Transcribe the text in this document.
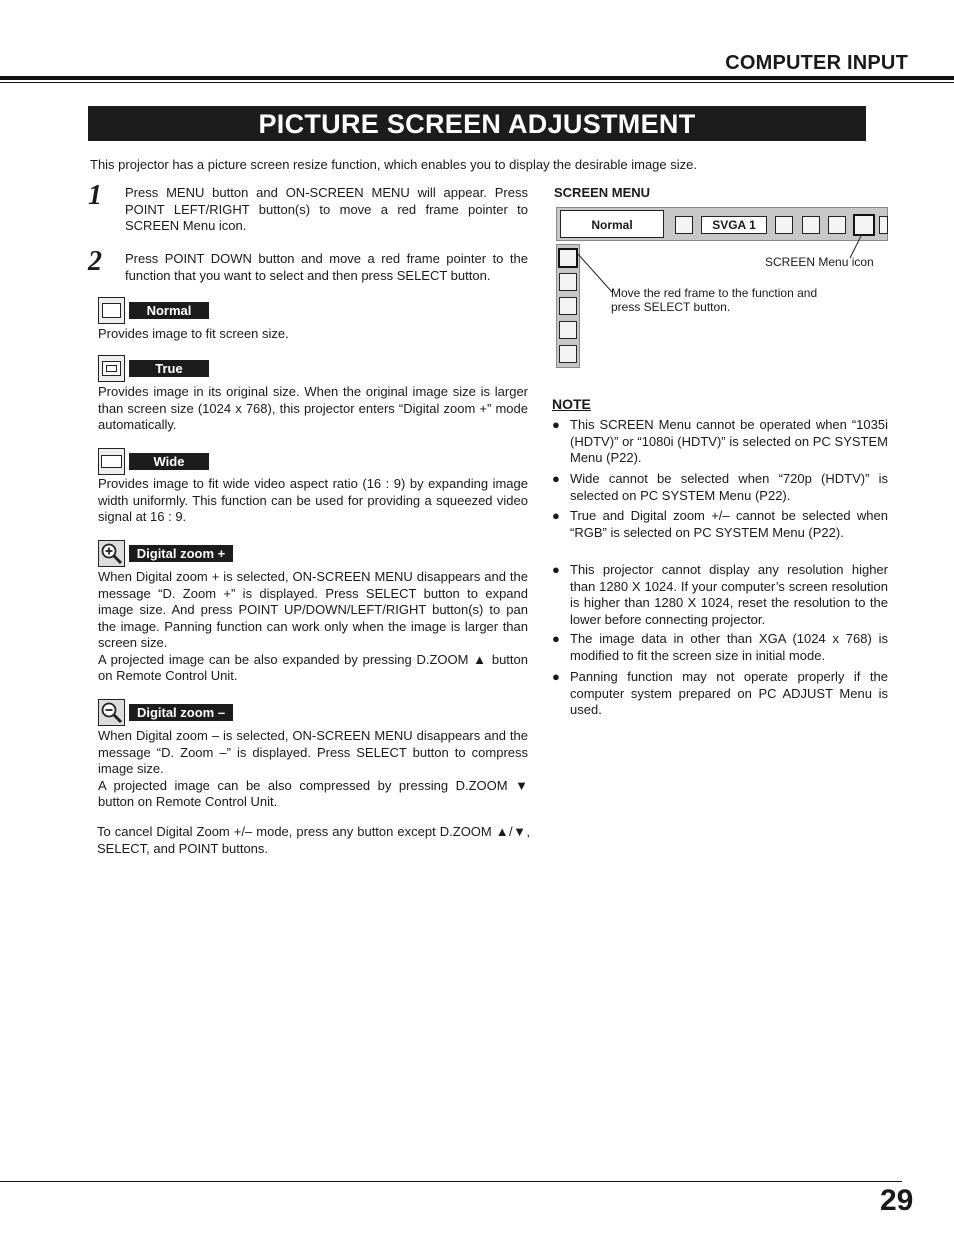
COMPUTER INPUT
PICTURE SCREEN ADJUSTMENT
This projector has a picture screen resize function, which enables you to display the desirable image size.
1 Press MENU button and ON-SCREEN MENU will appear. Press POINT LEFT/RIGHT button(s) to move a red frame pointer to SCREEN Menu icon.
2 Press POINT DOWN button and move a red frame pointer to the function that you want to select and then press SELECT button.
Normal
Provides image to fit screen size.
True
Provides image in its original size. When the original image size is larger than screen size (1024 x 768), this projector enters “Digital zoom +” mode automatically.
Wide
Provides image to fit wide video aspect ratio (16 : 9) by expanding image width uniformly. This function can be used for providing a squeezed video signal at 16 : 9.
Digital zoom +
When Digital zoom + is selected, ON-SCREEN MENU disappears and the message “D. Zoom +” is displayed. Press SELECT button to expand image size. And press POINT UP/DOWN/LEFT/RIGHT button(s) to pan the image. Panning function can work only when the image is larger than screen size.
A projected image can be also expanded by pressing D.ZOOM ▲ button on Remote Control Unit.
Digital zoom –
When Digital zoom – is selected, ON-SCREEN MENU disappears and the message “D. Zoom –” is displayed. Press SELECT button to compress image size.
A projected image can be also compressed by pressing D.ZOOM ▼ button on Remote Control Unit.
To cancel Digital Zoom +/– mode, press any button except D.ZOOM ▲/▼, SELECT, and POINT buttons.
SCREEN MENU
Normal	SVGA 1
SCREEN Menu icon
Move the red frame to the function and press SELECT button.
NOTE
● This SCREEN Menu cannot be operated when “1035i (HDTV)” or “1080i (HDTV)” is selected on PC SYSTEM Menu (P22).
● Wide cannot be selected when “720p (HDTV)” is selected on PC SYSTEM Menu (P22).
● True and Digital zoom +/– cannot be selected when “RGB” is selected on PC SYSTEM Menu (P22).
● This projector cannot display any resolution higher than 1280 X 1024. If your computer’s screen resolution is higher than 1280 X 1024, reset the resolution to the lower before connecting projector.
● The image data in other than XGA (1024 x 768) is modified to fit the screen size in initial mode.
● Panning function may not operate properly if the computer system prepared on PC ADJUST Menu is used.
29
